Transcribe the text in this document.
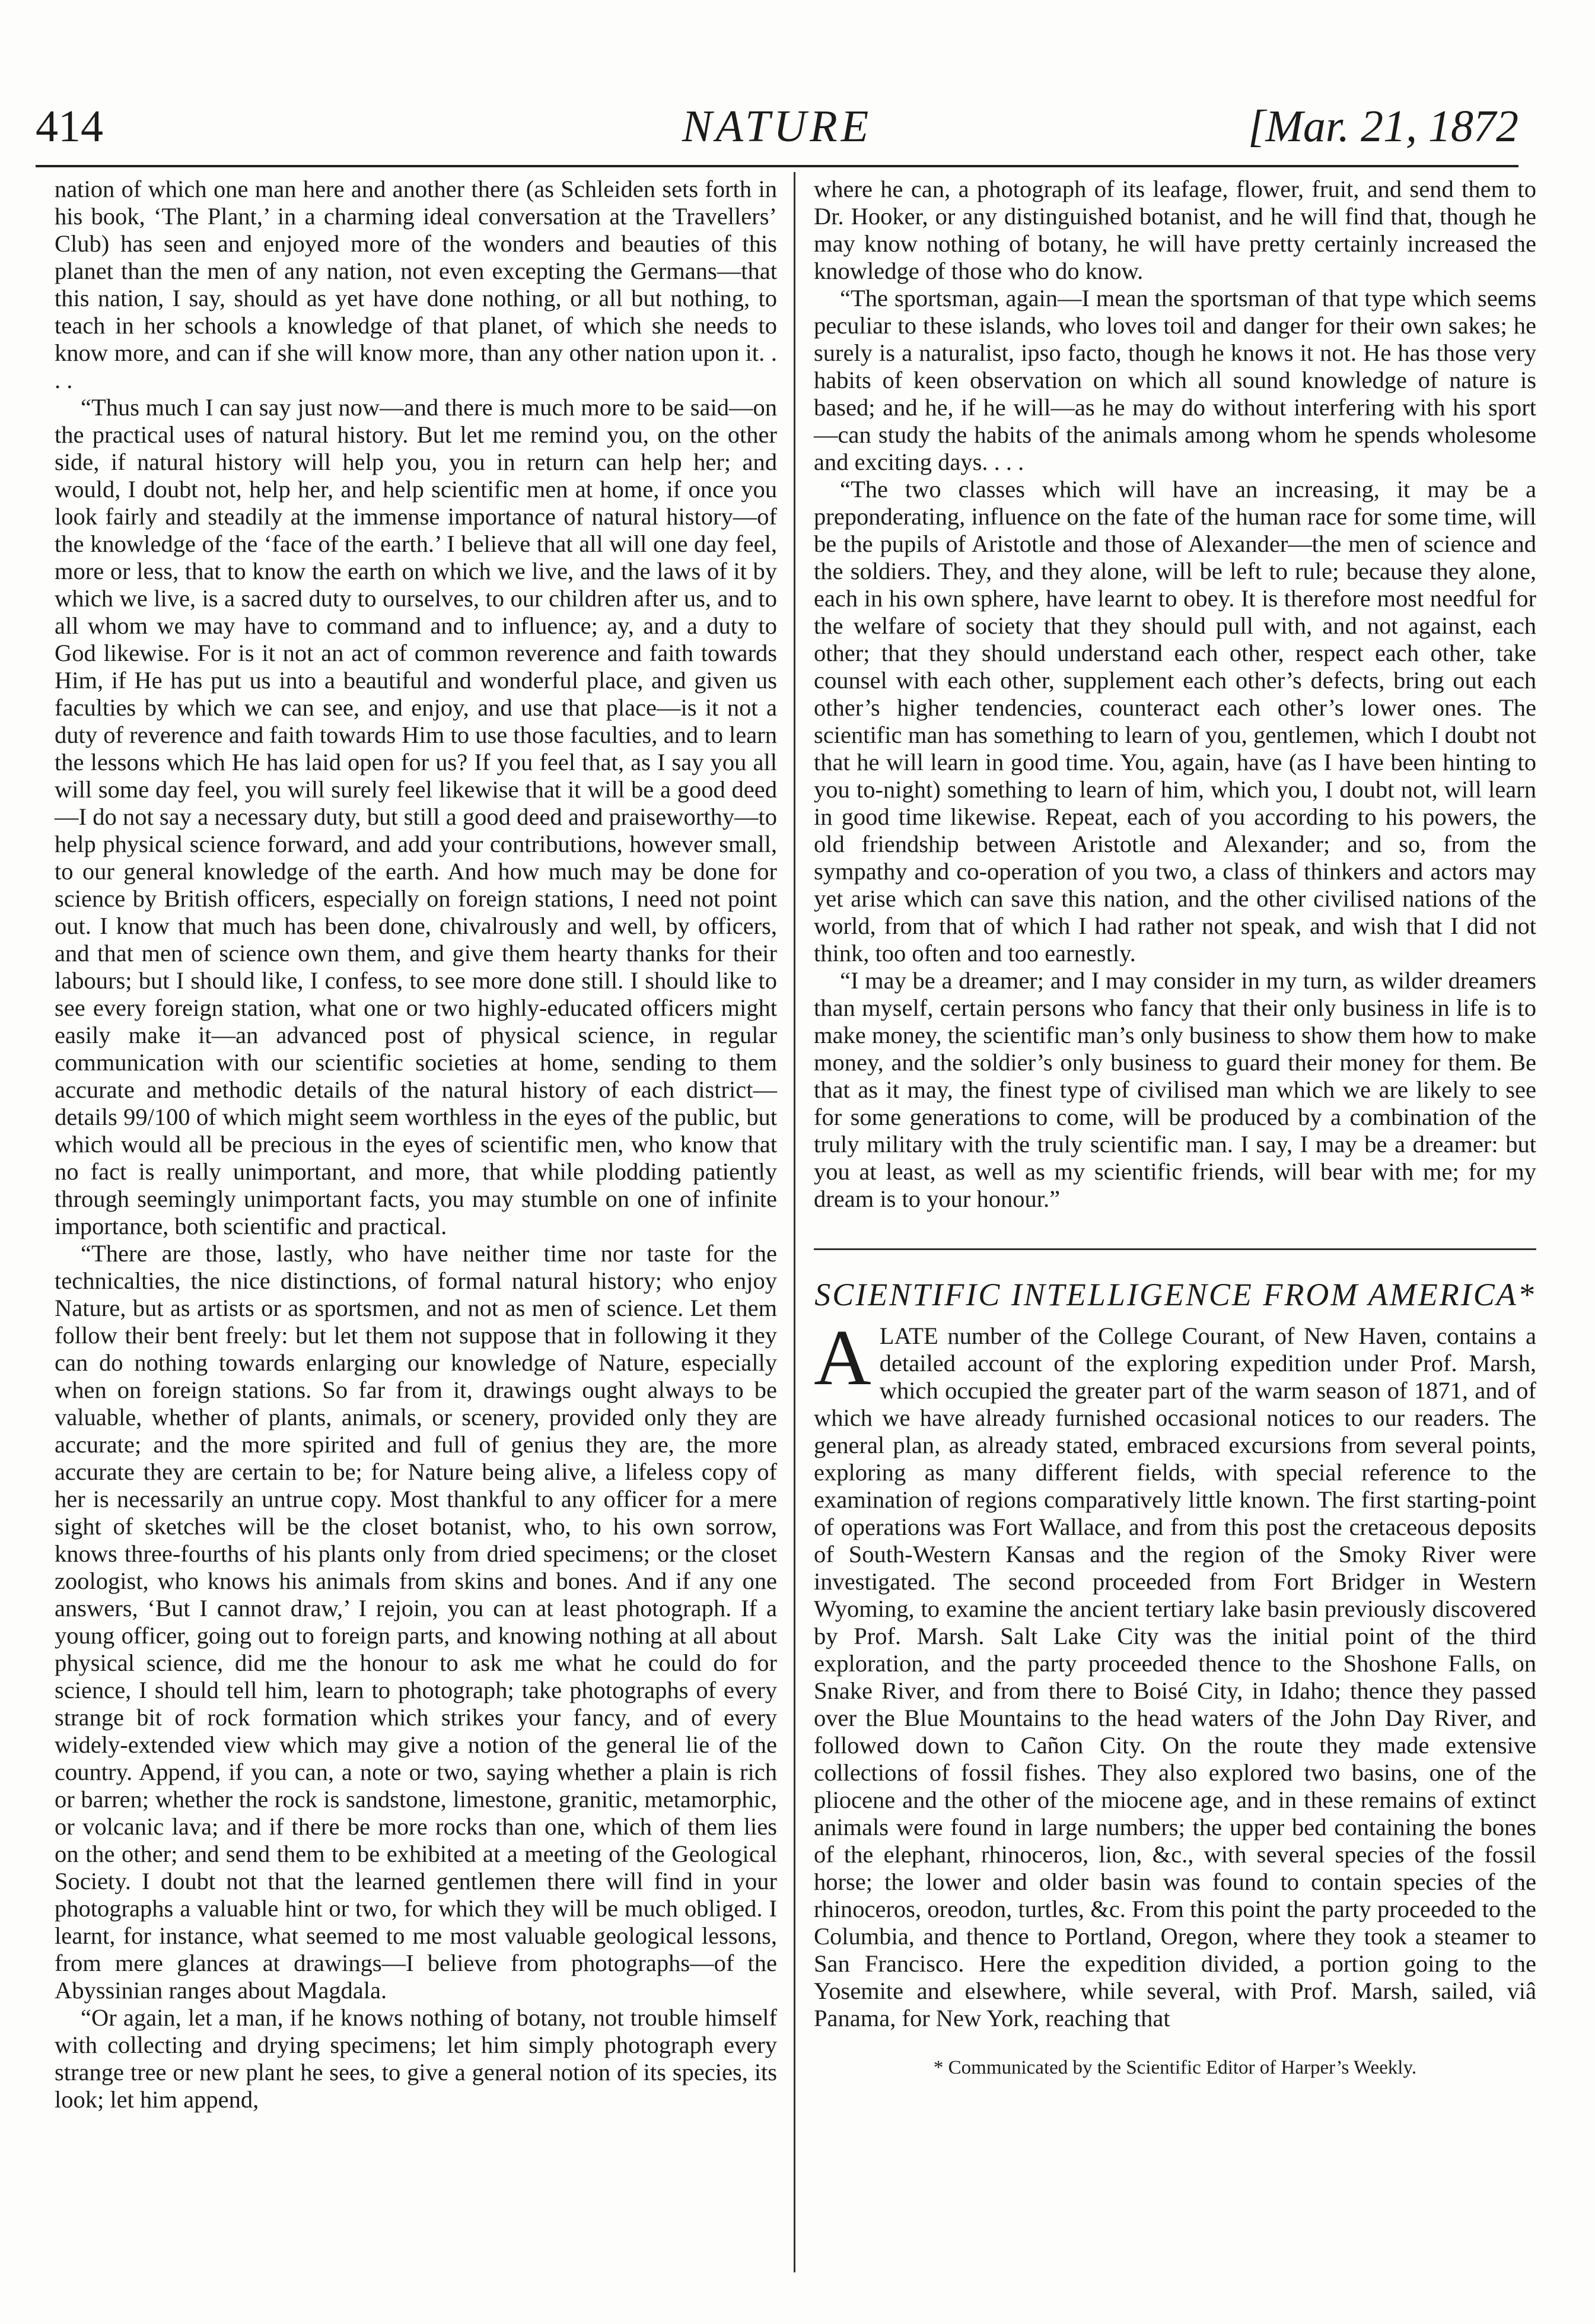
414	NATURE	[Mar. 21, 1872

nation of which one man here and another there (as Schleiden sets forth in his book, ‘The Plant,’ in a charming ideal conversation at the Travellers’ Club) has seen and enjoyed more of the wonders and beauties of this planet than the men of any nation, not even excepting the Germans—that this nation, I say, should as yet have done nothing, or all but nothing, to teach in her schools a knowledge of that planet, of which she needs to know more, and can if she will know more, than any other nation upon it. . . .

“Thus much I can say just now—and there is much more to be said—on the practical uses of natural history. But let me remind you, on the other side, if natural history will help you, you in return can help her; and would, I doubt not, help her, and help scientific men at home, if once you look fairly and steadily at the immense importance of natural history—of the knowledge of the ‘face of the earth.’ I believe that all will one day feel, more or less, that to know the earth on which we live, and the laws of it by which we live, is a sacred duty to ourselves, to our children after us, and to all whom we may have to command and to influence; ay, and a duty to God likewise. For is it not an act of common reverence and faith towards Him, if He has put us into a beautiful and wonderful place, and given us faculties by which we can see, and enjoy, and use that place—is it not a duty of reverence and faith towards Him to use those faculties, and to learn the lessons which He has laid open for us? If you feel that, as I say you all will some day feel, you will surely feel likewise that it will be a good deed—I do not say a necessary duty, but still a good deed and praiseworthy—to help physical science forward, and add your contributions, however small, to our general knowledge of the earth. And how much may be done for science by British officers, especially on foreign stations, I need not point out. I know that much has been done, chivalrously and well, by officers, and that men of science own them, and give them hearty thanks for their labours; but I should like, I confess, to see more done still. I should like to see every foreign station, what one or two highly-educated officers might easily make it—an advanced post of physical science, in regular communication with our scientific societies at home, sending to them accurate and methodic details of the natural history of each district—details 99/100 of which might seem worthless in the eyes of the public, but which would all be precious in the eyes of scientific men, who know that no fact is really unimportant, and more, that while plodding patiently through seemingly unimportant facts, you may stumble on one of infinite importance, both scientific and practical.

“There are those, lastly, who have neither time nor taste for the technicalties, the nice distinctions, of formal natural history; who enjoy Nature, but as artists or as sportsmen, and not as men of science. Let them follow their bent freely: but let them not suppose that in following it they can do nothing towards enlarging our knowledge of Nature, especially when on foreign stations. So far from it, drawings ought always to be valuable, whether of plants, animals, or scenery, provided only they are accurate; and the more spirited and full of genius they are, the more accurate they are certain to be; for Nature being alive, a lifeless copy of her is necessarily an untrue copy. Most thankful to any officer for a mere sight of sketches will be the closet botanist, who, to his own sorrow, knows three-fourths of his plants only from dried specimens; or the closet zoologist, who knows his animals from skins and bones. And if any one answers, ‘But I cannot draw,’ I rejoin, you can at least photograph. If a young officer, going out to foreign parts, and knowing nothing at all about physical science, did me the honour to ask me what he could do for science, I should tell him, learn to photograph; take photographs of every strange bit of rock formation which strikes your fancy, and of every widely-extended view which may give a notion of the general lie of the country. Append, if you can, a note or two, saying whether a plain is rich or barren; whether the rock is sandstone, limestone, granitic, metamorphic, or volcanic lava; and if there be more rocks than one, which of them lies on the other; and send them to be exhibited at a meeting of the Geological Society. I doubt not that the learned gentlemen there will find in your photographs a valuable hint or two, for which they will be much obliged. I learnt, for instance, what seemed to me most valuable geological lessons, from mere glances at drawings—I believe from photographs—of the Abyssinian ranges about Magdala.

“Or again, let a man, if he knows nothing of botany, not trouble himself with collecting and drying specimens; let him simply photograph every strange tree or new plant he sees, to give a general notion of its species, its look; let him append,

where he can, a photograph of its leafage, flower, fruit, and send them to Dr. Hooker, or any distinguished botanist, and he will find that, though he may know nothing of botany, he will have pretty certainly increased the knowledge of those who do know.

“The sportsman, again—I mean the sportsman of that type which seems peculiar to these islands, who loves toil and danger for their own sakes; he surely is a naturalist, ipso facto, though he knows it not. He has those very habits of keen observation on which all sound knowledge of nature is based; and he, if he will—as he may do without interfering with his sport—can study the habits of the animals among whom he spends wholesome and exciting days. . . .

“The two classes which will have an increasing, it may be a preponderating, influence on the fate of the human race for some time, will be the pupils of Aristotle and those of Alexander—the men of science and the soldiers. They, and they alone, will be left to rule; because they alone, each in his own sphere, have learnt to obey. It is therefore most needful for the welfare of society that they should pull with, and not against, each other; that they should understand each other, respect each other, take counsel with each other, supplement each other’s defects, bring out each other’s higher tendencies, counteract each other’s lower ones. The scientific man has something to learn of you, gentlemen, which I doubt not that he will learn in good time. You, again, have (as I have been hinting to you to-night) something to learn of him, which you, I doubt not, will learn in good time likewise. Repeat, each of you according to his powers, the old friendship between Aristotle and Alexander; and so, from the sympathy and co-operation of you two, a class of thinkers and actors may yet arise which can save this nation, and the other civilised nations of the world, from that of which I had rather not speak, and wish that I did not think, too often and too earnestly.

“I may be a dreamer; and I may consider in my turn, as wilder dreamers than myself, certain persons who fancy that their only business in life is to make money, the scientific man’s only business to show them how to make money, and the soldier’s only business to guard their money for them. Be that as it may, the finest type of civilised man which we are likely to see for some generations to come, will be produced by a combination of the truly military with the truly scientific man. I say, I may be a dreamer: but you at least, as well as my scientific friends, will bear with me; for my dream is to your honour.”

SCIENTIFIC INTELLIGENCE FROM AMERICA*

ALATE number of the College Courant, of New Haven, contains a detailed account of the exploring expedition under Prof. Marsh, which occupied the greater part of the warm season of 1871, and of which we have already furnished occasional notices to our readers. The general plan, as already stated, embraced excursions from several points, exploring as many different fields, with special reference to the examination of regions comparatively little known. The first starting-point of operations was Fort Wallace, and from this post the cretaceous deposits of South-Western Kansas and the region of the Smoky River were investigated. The second proceeded from Fort Bridger in Western Wyoming, to examine the ancient tertiary lake basin previously discovered by Prof. Marsh. Salt Lake City was the initial point of the third exploration, and the party proceeded thence to the Shoshone Falls, on Snake River, and from there to Boisé City, in Idaho; thence they passed over the Blue Mountains to the head waters of the John Day River, and followed down to Cañon City. On the route they made extensive collections of fossil fishes. They also explored two basins, one of the pliocene and the other of the miocene age, and in these remains of extinct animals were found in large numbers; the upper bed containing the bones of the elephant, rhinoceros, lion, &c., with several species of the fossil horse; the lower and older basin was found to contain species of the rhinoceros, oreodon, turtles, &c. From this point the party proceeded to the Columbia, and thence to Portland, Oregon, where they took a steamer to San Francisco. Here the expedition divided, a portion going to the Yosemite and elsewhere, while several, with Prof. Marsh, sailed, viâ Panama, for New York, reaching that

* Communicated by the Scientific Editor of Harper’s Weekly.
